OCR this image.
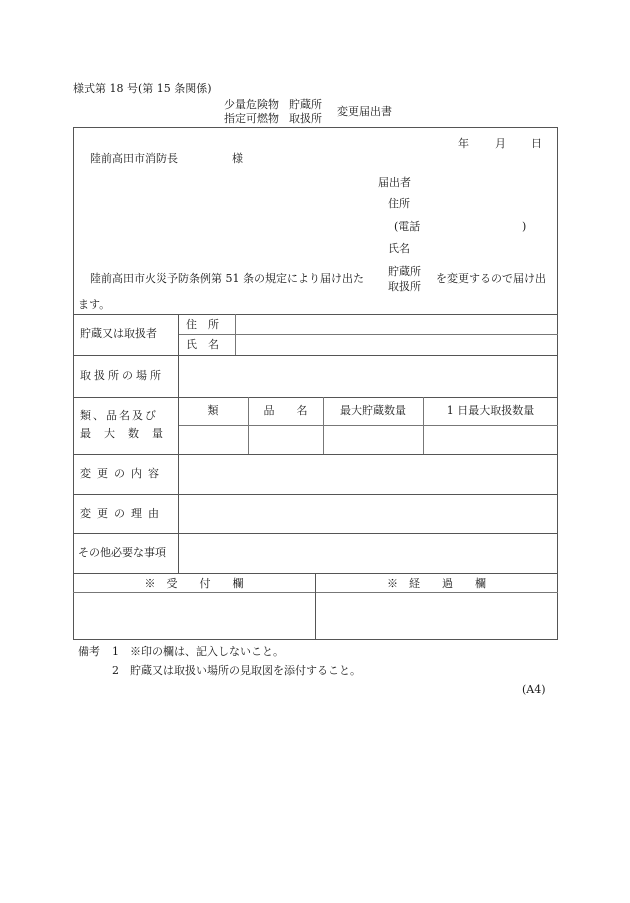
様式第 18 号(第 15 条関係)
少量危険物
指定可燃物
貯蔵所
取扱所
変更届出書
年 月 日
陸前高田市消防長	様
届出者
住所
(電話	)
氏名
陸前高田市火災予防条例第 51 条の規定により届け出た
貯蔵所
取扱所
を変更するので届け出
ます。
貯蔵又は取扱者
住　所
氏　名
取扱所の場所
類、品名及び
最大数量
類	品　　名	最大貯蔵数量	1 日最大取扱数量
変更の内容
変更の理由
その他必要な事項
※　受　　付　　欄	※　経　　過　　欄
備考 1 ※印の欄は、記入しないこと。
2 貯蔵又は取扱い場所の見取図を添付すること。
(A4)
